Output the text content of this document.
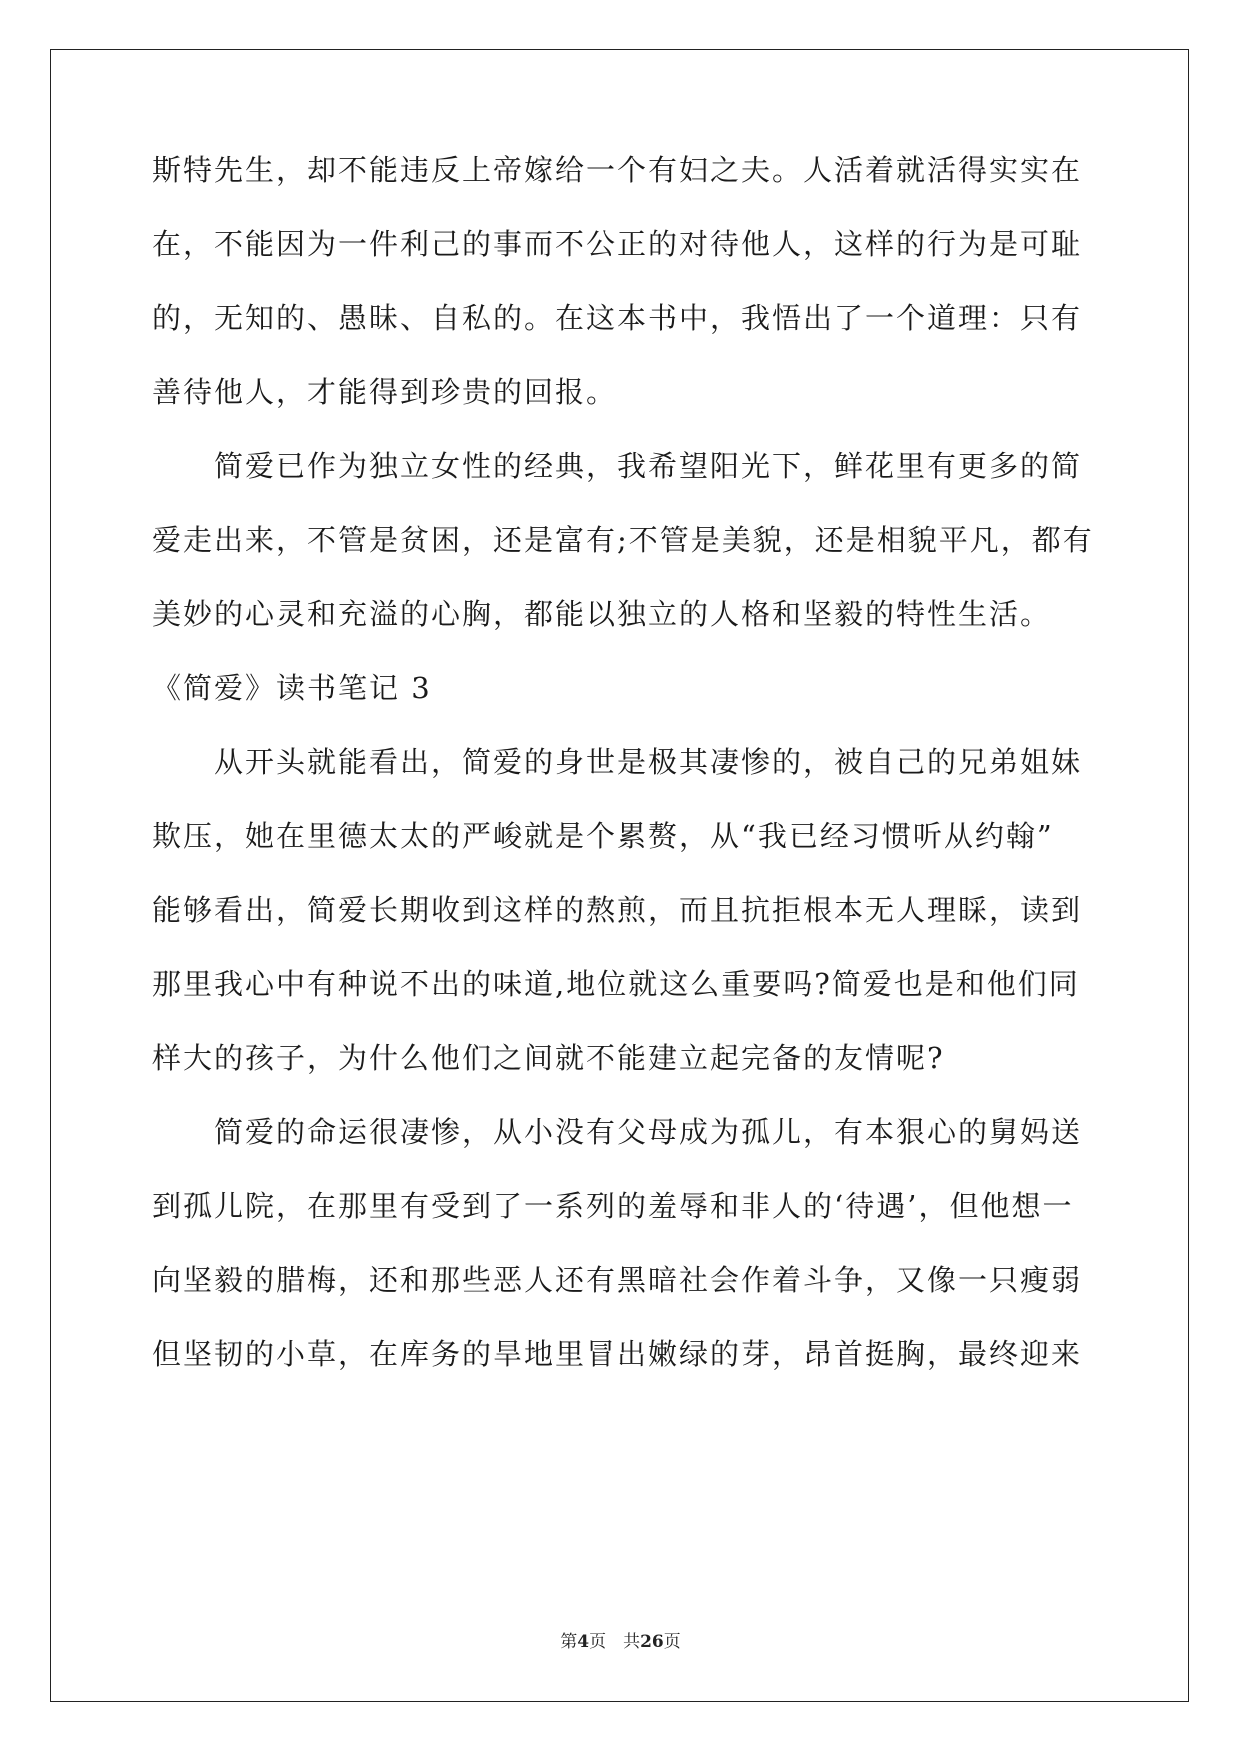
斯特先生，却不能违反上帝嫁给一个有妇之夫。人活着就活得实实在
在，不能因为一件利己的事而不公正的对待他人，这样的行为是可耻
的，无知的、愚昧、自私的。在这本书中，我悟出了一个道理：只有
善待他人，才能得到珍贵的回报。
　　简爱已作为独立女性的经典，我希望阳光下，鲜花里有更多的简
爱走出来，不管是贫困，还是富有;不管是美貌，还是相貌平凡，都有
美妙的心灵和充溢的心胸，都能以独立的人格和坚毅的特性生活。
《简爱》读书笔记 3
　　从开头就能看出，简爱的身世是极其凄惨的，被自己的兄弟姐妹
欺压，她在里德太太的严峻就是个累赘，从“我已经习惯听从约翰”
能够看出，简爱长期收到这样的熬煎，而且抗拒根本无人理睬，读到
那里我心中有种说不出的味道,地位就这么重要吗?简爱也是和他们同
样大的孩子，为什么他们之间就不能建立起完备的友情呢?
　　简爱的命运很凄惨，从小没有父母成为孤儿，有本狠心的舅妈送
到孤儿院，在那里有受到了一系列的羞辱和非人的‘待遇’，但他想一
向坚毅的腊梅，还和那些恶人还有黑暗社会作着斗争，又像一只瘦弱
但坚韧的小草，在库务的旱地里冒出嫩绿的芽，昂首挺胸，最终迎来
第4页　共26页
